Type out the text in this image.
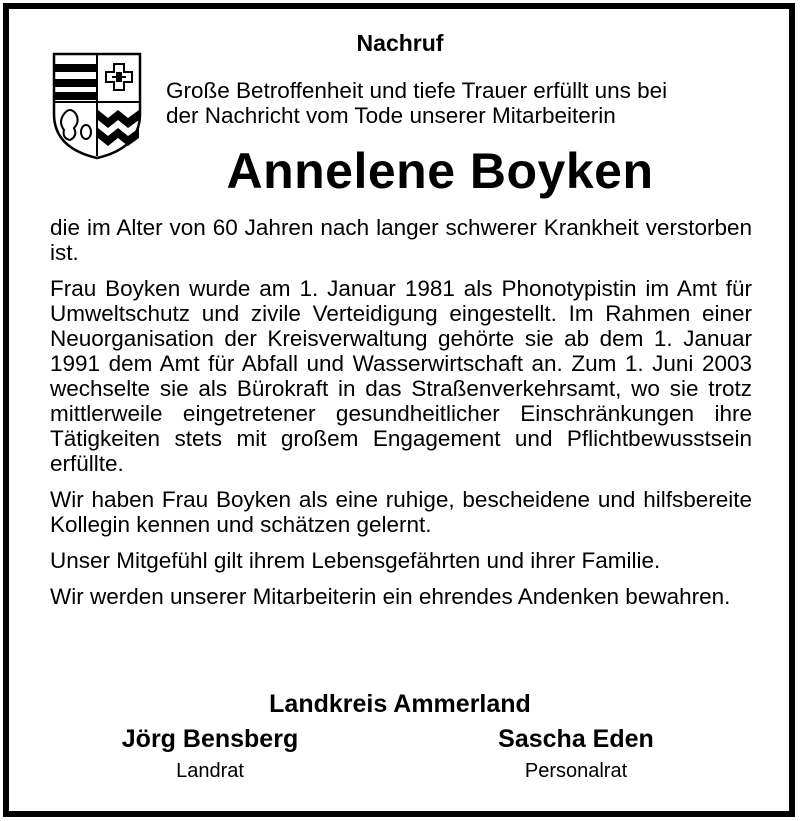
Nachruf
Große Betroffenheit und tiefe Trauer erfüllt uns bei
der Nachricht vom Tode unserer Mitarbeiterin
Annelene Boyken

die im Alter von 60 Jahren nach langer schwerer Krankheit verstorben ist.

Frau Boyken wurde am 1. Januar 1981 als Phonotypistin im Amt für Umweltschutz und zivile Verteidigung eingestellt. Im Rahmen einer Neuorganisation der Kreisverwaltung gehörte sie ab dem 1. Januar 1991 dem Amt für Abfall und Wasserwirtschaft an. Zum 1. Juni 2003 wechselte sie als Bürokraft in das Straßenverkehrsamt, wo sie trotz mittlerweile eingetretener gesundheitlicher Einschränkungen ihre Tätigkeiten stets mit großem Engagement und Pflichtbewusstsein erfüllte.

Wir haben Frau Boyken als eine ruhige, bescheidene und hilfsbereite Kollegin kennen und schätzen gelernt.

Unser Mitgefühl gilt ihrem Lebensgefährten und ihrer Familie.

Wir werden unserer Mitarbeiterin ein ehrendes Andenken bewahren.

Landkreis Ammerland
Jörg Bensberg
Landrat
Sascha Eden
Personalrat
